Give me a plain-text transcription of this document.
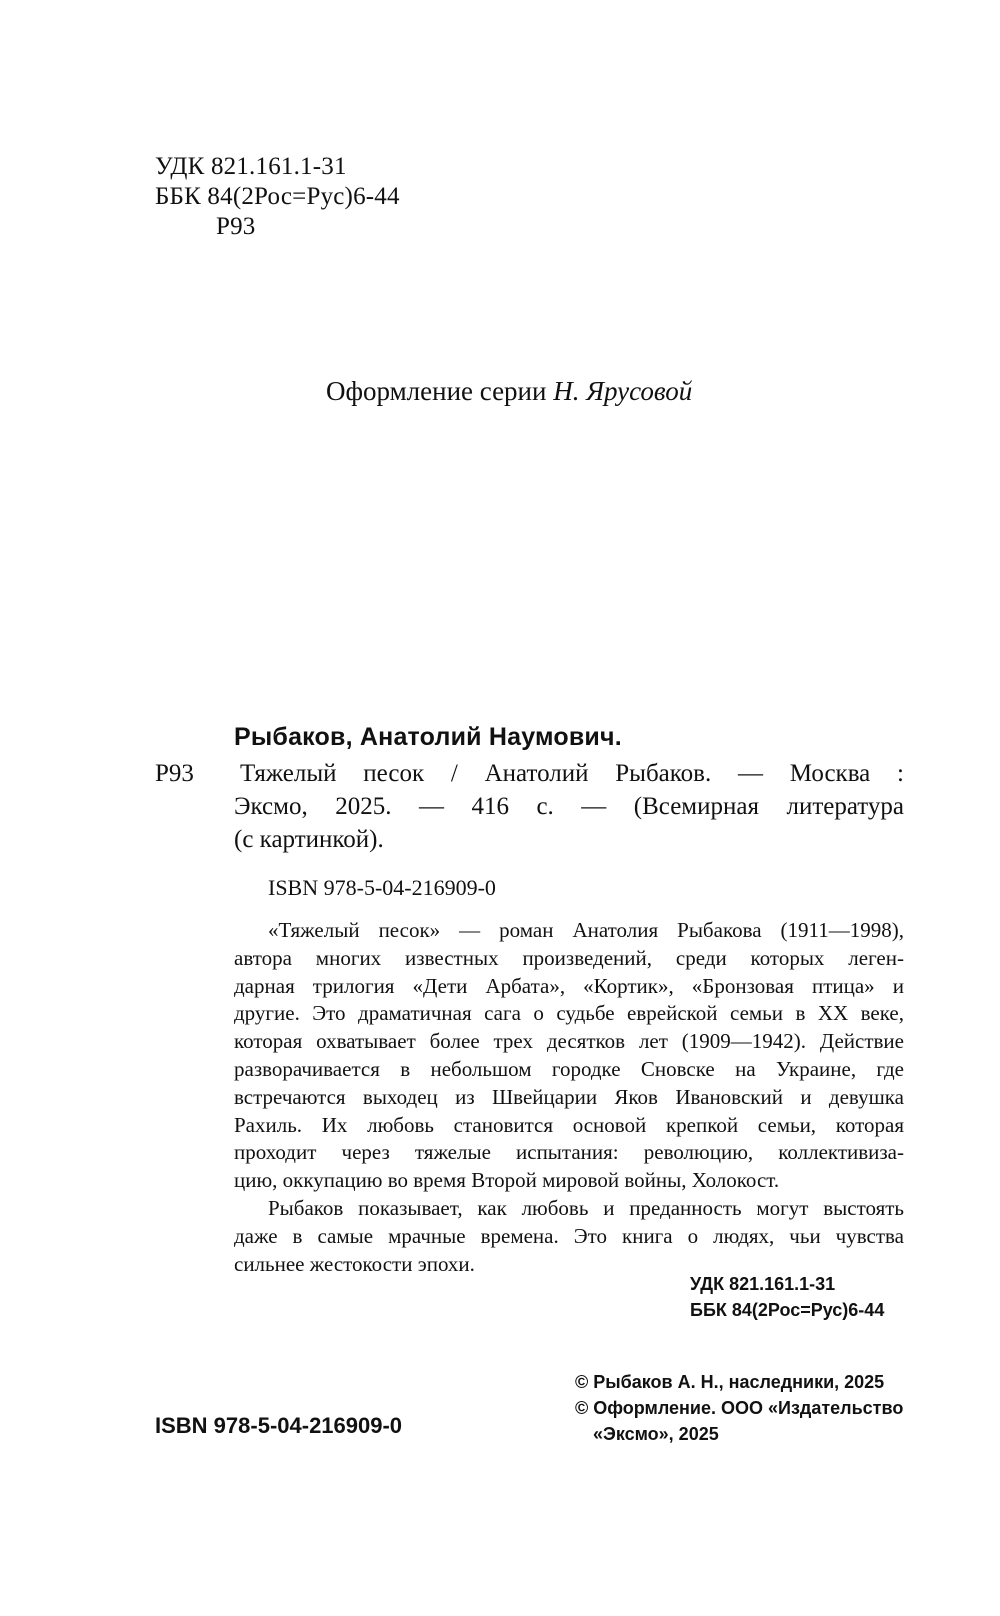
УДК 821.161.1-31
ББК 84(2Рос=Рус)6-44
Р93
Оформление серии Н. Ярусовой
Рыбаков, Анатолий Наумович.
Р93 Тяжелый песок / Анатолий Рыбаков. — Москва :
Эксмо, 2025. — 416 с. — (Всемирная литература
(с картинкой).
ISBN 978-5-04-216909-0
«Тяжелый песок» — роман Анатолия Рыбакова (1911—1998),
автора многих известных произведений, среди которых леген-
дарная трилогия «Дети Арбата», «Кортик», «Бронзовая птица» и
другие. Это драматичная сага о судьбе еврейской семьи в XX веке,
которая охватывает более трех десятков лет (1909—1942). Действие
разворачивается в небольшом городке Сновске на Украине, где
встречаются выходец из Швейцарии Яков Ивановский и девушка
Рахиль. Их любовь становится основой крепкой семьи, которая
проходит через тяжелые испытания: революцию, коллективиза-
цию, оккупацию во время Второй мировой войны, Холокост.
Рыбаков показывает, как любовь и преданность могут выстоять
даже в самые мрачные времена. Это книга о людях, чьи чувства
сильнее жестокости эпохи.
УДК 821.161.1-31
ББК 84(2Рос=Рус)6-44
© Рыбаков А. Н., наследники, 2025
© Оформление. ООО «Издательство
«Эксмо», 2025
ISBN 978-5-04-216909-0
